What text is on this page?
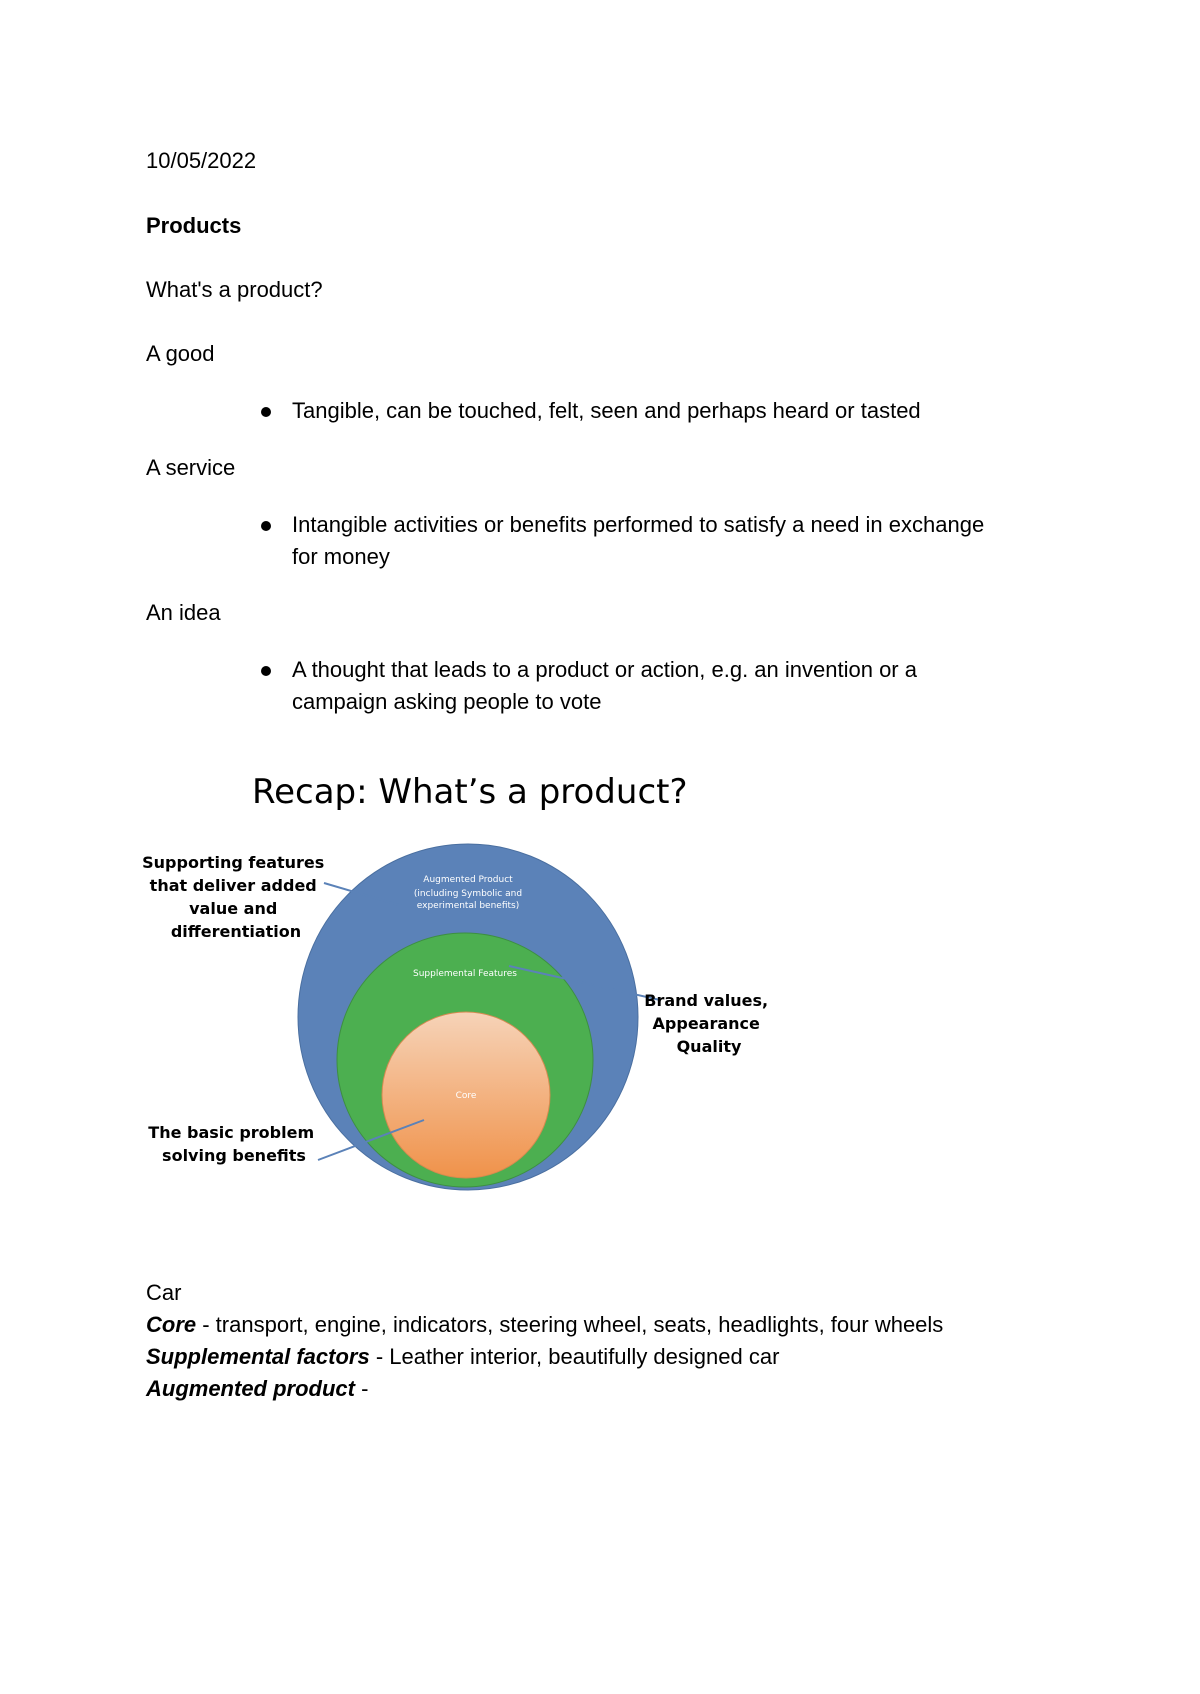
10/05/2022
Products
What's a product?
A good
Tangible, can be touched, felt, seen and perhaps heard or tasted
A service
Intangible activities or benefits performed to satisfy a need in exchange
for money
An idea
A thought that leads to a product or action, e.g. an invention or a
campaign asking people to vote
Recap: What’s a product?
Augmented Product
(including Symbolic and
experimental benefits)
Supplemental Features
Core
Supporting features that deliver added value and differentiation
Brand values, Appearance Quality
The basic problem solving benefits
Car
Core - transport, engine, indicators, steering wheel, seats, headlights, four wheels
Supplemental factors - Leather interior, beautifully designed car
Augmented product -
